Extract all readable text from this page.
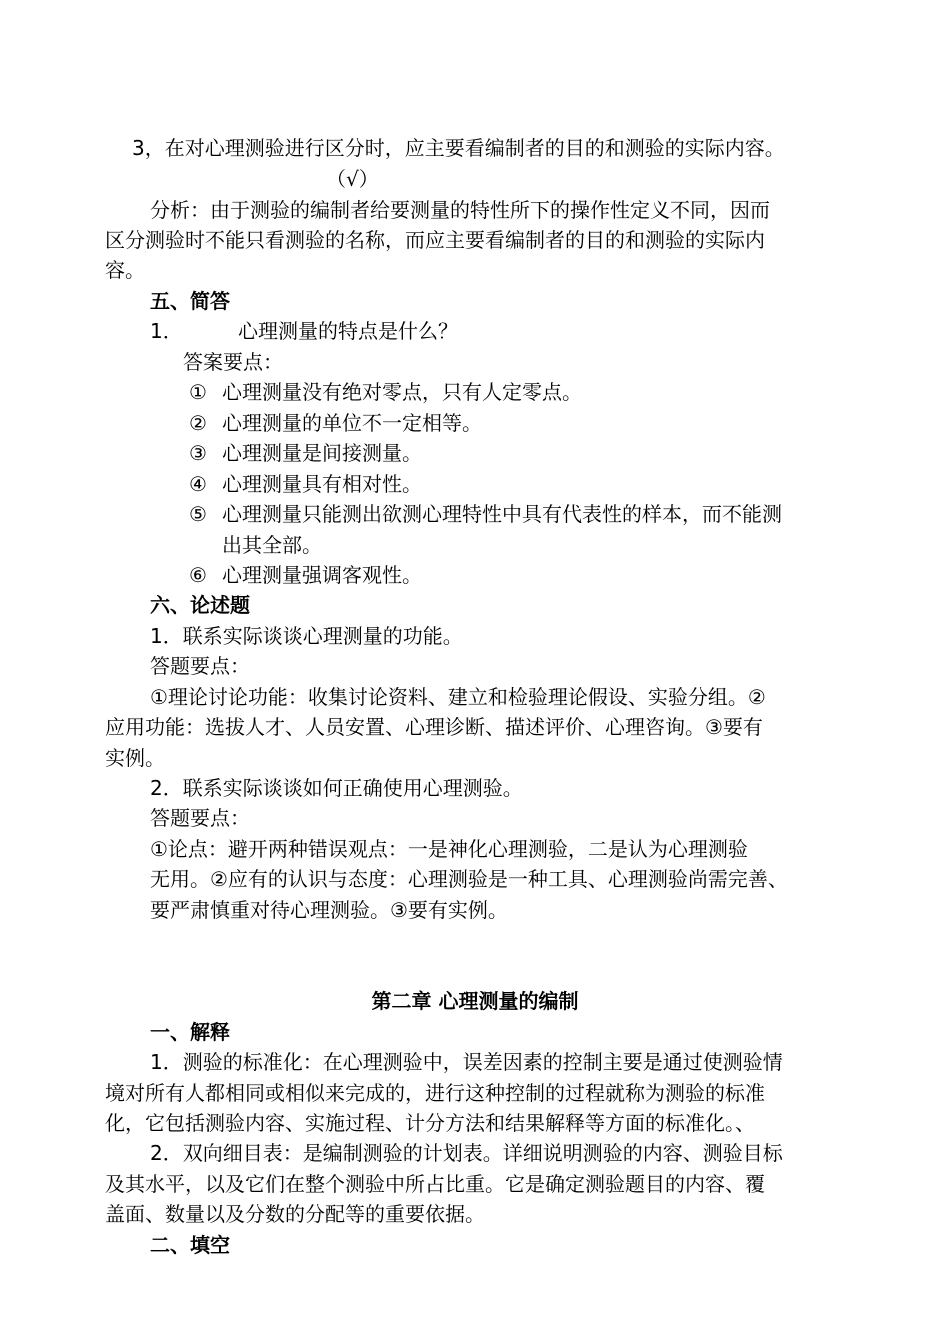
3，在对心理测验进行区分时，应主要看编制者的目的和测验的实际内容。
（√）
分析：由于测验的编制者给要测量的特性所下的操作性定义不同，因而
区分测验时不能只看测验的名称，而应主要看编制者的目的和测验的实际内
容。
五、简答
1．	心理测量的特点是什么？
答案要点：
① 心理测量没有绝对零点，只有人定零点。
② 心理测量的单位不一定相等。
③ 心理测量是间接测量。
④ 心理测量具有相对性。
⑤ 心理测量只能测出欲测心理特性中具有代表性的样本，而不能测
出其全部。
⑥ 心理测量强调客观性。
六、论述题
1．联系实际谈谈心理测量的功能。
答题要点：
①理论讨论功能：收集讨论资料、建立和检验理论假设、实验分组。②
应用功能：选拔人才、人员安置、心理诊断、描述评价、心理咨询。③要有
实例。
2．联系实际谈谈如何正确使用心理测验。
答题要点：
①论点：避开两种错误观点：一是神化心理测验，二是认为心理测验
无用。②应有的认识与态度：心理测验是一种工具、心理测验尚需完善、
要严肃慎重对待心理测验。③要有实例。
第二章 心理测量的编制
一、解释
1．测验的标准化：在心理测验中，误差因素的控制主要是通过使测验情
境对所有人都相同或相似来完成的，进行这种控制的过程就称为测验的标准
化，它包括测验内容、实施过程、计分方法和结果解释等方面的标准化。、
2．双向细目表：是编制测验的计划表。详细说明测验的内容、测验目标
及其水平，以及它们在整个测验中所占比重。它是确定测验题目的内容、覆
盖面、数量以及分数的分配等的重要依据。
二、填空
